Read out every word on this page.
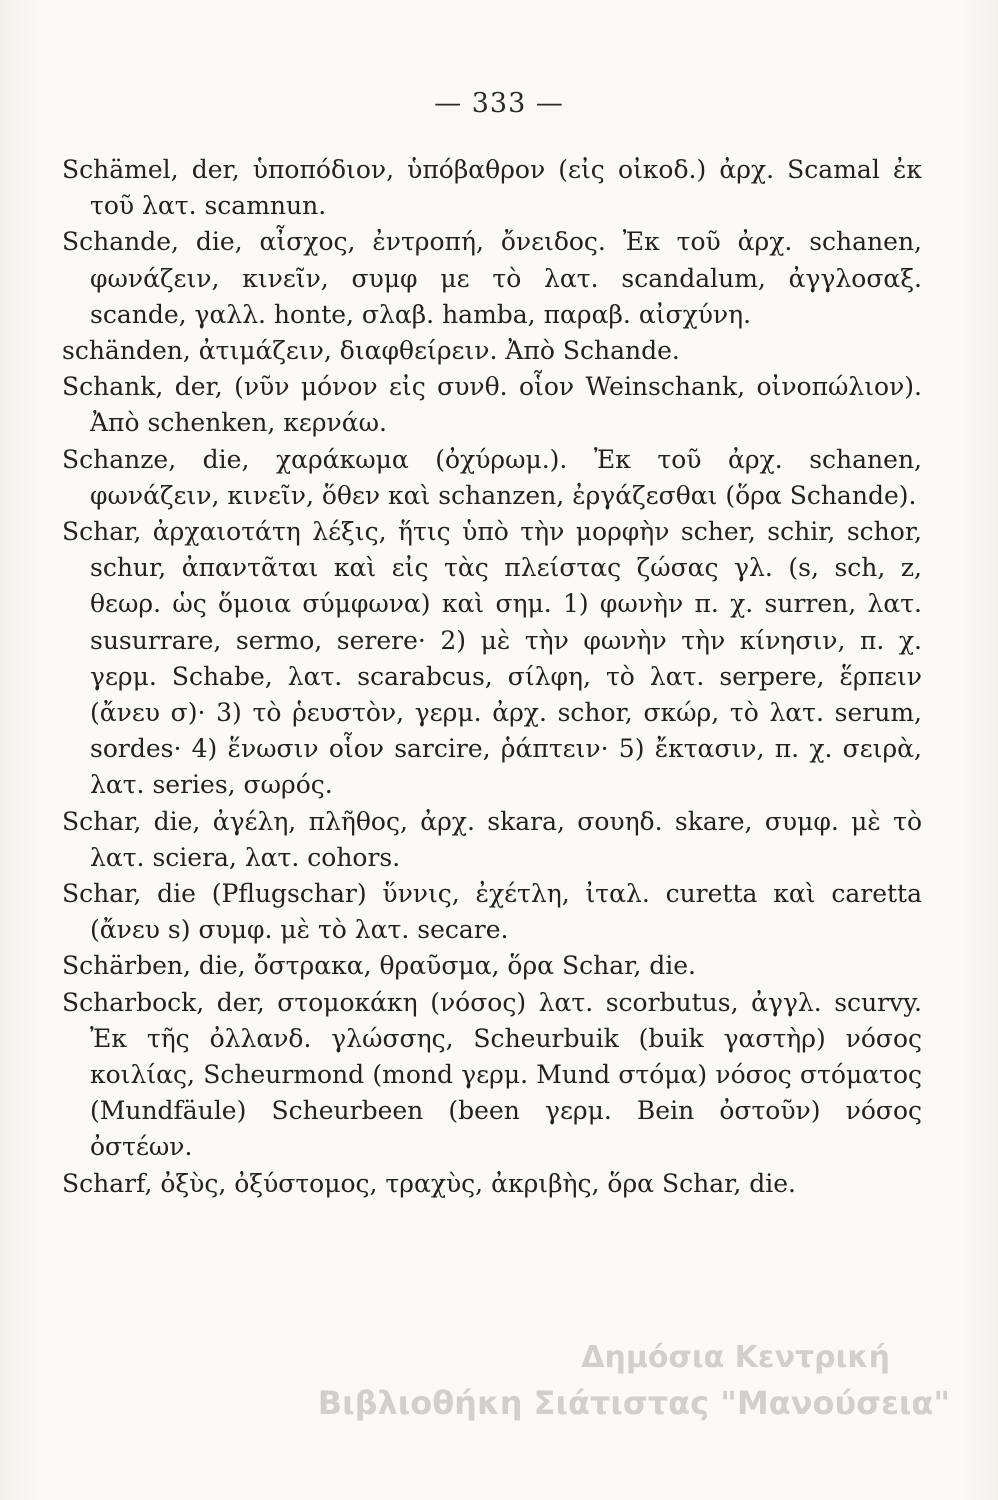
— 333 —

Schämel, der, ὑποπόδιον, ὑπόβαθρον (εἰς οἰκοδ.) ἀρχ. Scamal ἐκ τοῦ λατ. scamnun.

Schande, die, αἶσχος, ἐντροπή, ὄνειδος. Ἐκ τοῦ ἀρχ. schanen, φωνάζειν, κινεῖν, συμφ με τὸ λατ. scandalum, ἀγγλοσαξ. scande, γαλλ. honte, σλαβ. hamba, παραβ. αἰσχύνη.

schänden, ἀτιμάζειν, διαφθείρειν. Ἀπὸ Schande.

Schank, der, (νῦν μόνον εἰς συνθ. οἷον Weinschank, οἰνοπώλιον). Ἀπὸ schenken, κερνάω.

Schanze, die, χαράκωμα (ὀχύρωμ.). Ἐκ τοῦ ἀρχ. schanen, φωνάζειν, κινεῖν, ὅθεν καὶ schanzen, ἐργάζεσθαι (ὅρα Schande).

Schar, ἀρχαιοτάτη λέξις, ἥτις ὑπὸ τὴν μορφὴν scher, schir, schor, schur, ἀπαντᾶται καὶ εἰς τὰς πλείστας ζώσας γλ. (s, sch, z, θεωρ. ὡς ὅμοια σύμφωνα) καὶ σημ. 1) φωνὴν π. χ. surren, λατ. susurrare, sermo, serere· 2) μὲ τὴν φωνὴν τὴν κίνησιν, π. χ. γερμ. Schabe, λατ. scarabcus, σίλφη, τὸ λατ. serpere, ἕρπειν (ἄνευ σ)· 3) τὸ ῥευστὸν, γερμ. ἀρχ. schor, σκώρ, τὸ λατ. serum, sordes· 4) ἕνωσιν οἷον sarcire, ῥάπτειν· 5) ἔκτασιν, π. χ. σειρὰ, λατ. series, σωρός.

Schar, die, ἀγέλη, πλῆθος, ἀρχ. skara, σουηδ. skare, συμφ. μὲ τὸ λατ. sciera, λατ. cohors.

Schar, die (Pflugschar) ὕννις, ἐχέτλη, ἰταλ. curetta καὶ caretta (ἄνευ s) συμφ. μὲ τὸ λατ. secare.

Schärben, die, ὄστρακα, θραῦσμα, ὅρα Schar, die.

Scharbock, der, στομοκάκη (νόσος) λατ. scorbutus, ἀγγλ. scurvy. Ἐκ τῆς ὀλλανδ. γλώσσης, Scheurbuik (buik γαστὴρ) νόσος κοιλίας, Scheurmond (mond γερμ. Mund στόμα) νόσος στόματος (Mundfäule) Scheurbeen (been γερμ. Bein ὀστοῦν) νόσος ὀστέων.

Scharf, ὀξὺς, ὀξύστομος, τραχὺς, ἀκριβὴς, ὅρα Schar, die.

Δημόσια Κεντρική
Βιβλιοθήκη Σιάτιστας "Μανούσεια"
